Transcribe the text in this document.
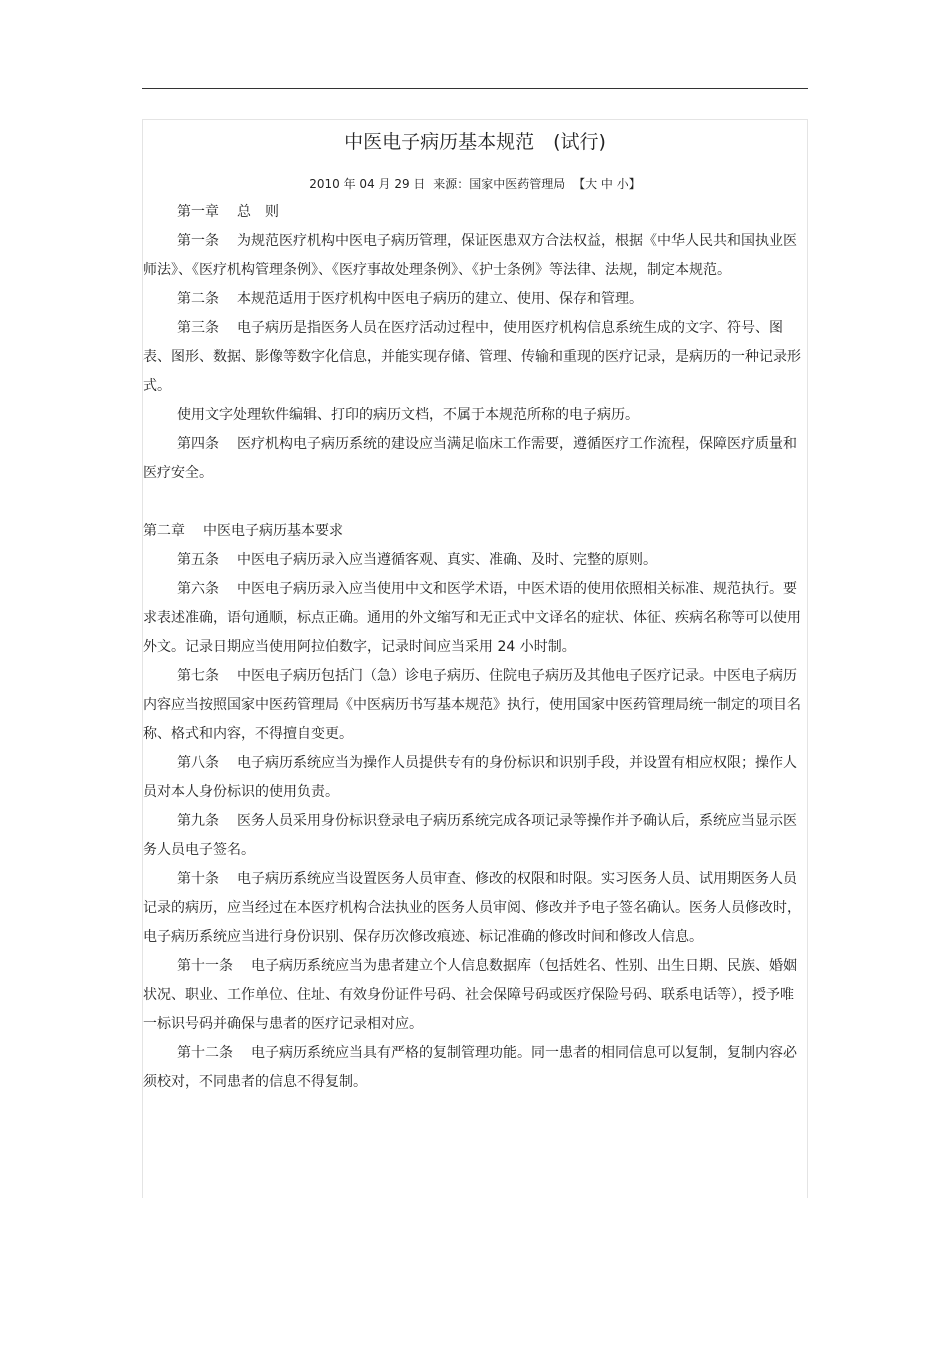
中医电子病历基本规范　(试行)
2010 年 04 月 29 日 来源：国家中医药管理局 【大 中 小】

第一章 总　则

第一条 为规范医疗机构中医电子病历管理，保证医患双方合法权益，根据《中华人民共和国执业医师法》、《医疗机构管理条例》、《医疗事故处理条例》、《护士条例》等法律、法规，制定本规范。

第二条 本规范适用于医疗机构中医电子病历的建立、使用、保存和管理。

第三条 电子病历是指医务人员在医疗活动过程中，使用医疗机构信息系统生成的文字、符号、图表、图形、数据、影像等数字化信息，并能实现存储、管理、传输和重现的医疗记录，是病历的一种记录形式。

使用文字处理软件编辑、打印的病历文档，不属于本规范所称的电子病历。

第四条 医疗机构电子病历系统的建设应当满足临床工作需要，遵循医疗工作流程，保障医疗质量和医疗安全。

第二章 中医电子病历基本要求

第五条 中医电子病历录入应当遵循客观、真实、准确、及时、完整的原则。

第六条 中医电子病历录入应当使用中文和医学术语，中医术语的使用依照相关标准、规范执行。要求表述准确，语句通顺，标点正确。通用的外文缩写和无正式中文译名的症状、体征、疾病名称等可以使用外文。记录日期应当使用阿拉伯数字，记录时间应当采用 24 小时制。

第七条 中医电子病历包括门（急）诊电子病历、住院电子病历及其他电子医疗记录。中医电子病历内容应当按照国家中医药管理局《中医病历书写基本规范》执行，使用国家中医药管理局统一制定的项目名称、格式和内容，不得擅自变更。

第八条 电子病历系统应当为操作人员提供专有的身份标识和识别手段，并设置有相应权限；操作人员对本人身份标识的使用负责。

第九条 医务人员采用身份标识登录电子病历系统完成各项记录等操作并予确认后，系统应当显示医务人员电子签名。

第十条 电子病历系统应当设置医务人员审查、修改的权限和时限。实习医务人员、试用期医务人员记录的病历，应当经过在本医疗机构合法执业的医务人员审阅、修改并予电子签名确认。医务人员修改时，电子病历系统应当进行身份识别、保存历次修改痕迹、标记准确的修改时间和修改人信息。

第十一条 电子病历系统应当为患者建立个人信息数据库（包括姓名、性别、出生日期、民族、婚姻状况、职业、工作单位、住址、有效身份证件号码、社会保障号码或医疗保险号码、联系电话等），授予唯一标识号码并确保与患者的医疗记录相对应。

第十二条 电子病历系统应当具有严格的复制管理功能。同一患者的相同信息可以复制，复制内容必须校对，不同患者的信息不得复制。
